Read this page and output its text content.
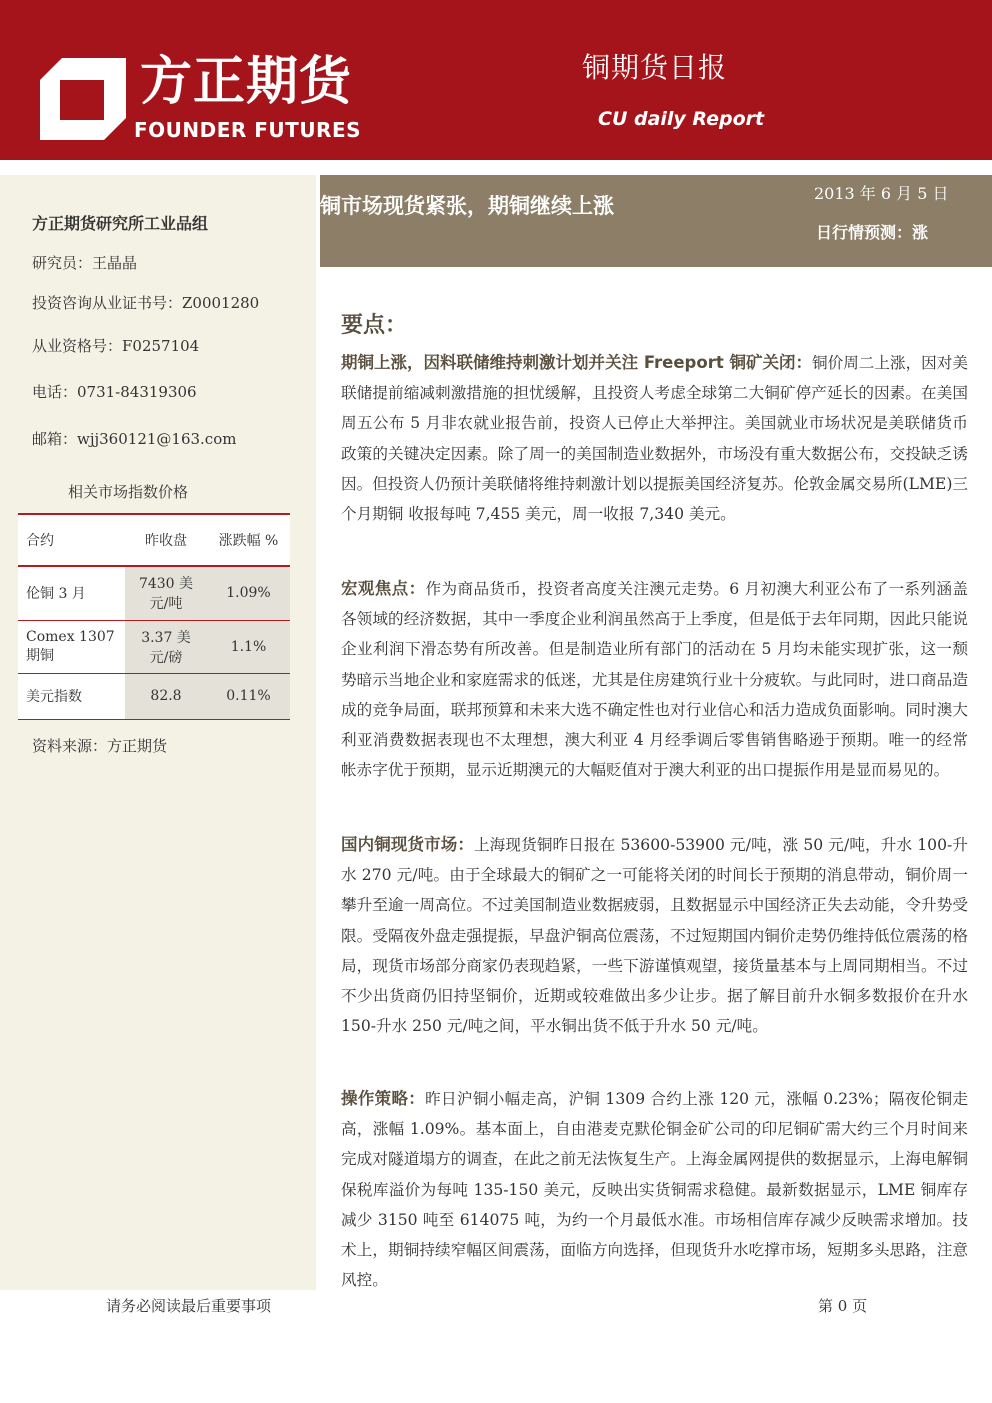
方正期货
FOUNDER FUTURES
铜期货日报
CU daily Report
方正期货研究所工业品组
研究员：王晶晶
投资咨询从业证书号：Z0001280
从业资格号：F0257104
电话：0731-84319306
邮箱：wjj360121@163.com
相关市场指数价格
合约	昨收盘	涨跌幅 %
伦铜 3 月	7430 美元/吨	1.09%
Comex 1307 期铜	3.37 美元/磅	1.1%
美元指数	82.8	0.11%
资料来源：方正期货
铜市场现货紧张，期铜继续上涨
2013 年 6 月 5 日
日行情预测：涨
要点：
期铜上涨，因料联储维持刺激计划并关注 Freeport 铜矿关闭：铜价周二上涨，因对美联储提前缩减刺激措施的担忧缓解，且投资人考虑全球第二大铜矿停产延长的因素。在美国周五公布 5 月非农就业报告前，投资人已停止大举押注。美国就业市场状况是美联储货币政策的关键决定因素。除了周一的美国制造业数据外，市场没有重大数据公布，交投缺乏诱因。但投资人仍预计美联储将维持刺激计划以提振美国经济复苏。伦敦金属交易所(LME)三个月期铜 收报每吨 7,455 美元，周一收报 7,340 美元。
宏观焦点：作为商品货币，投资者高度关注澳元走势。6 月初澳大利亚公布了一系列涵盖各领域的经济数据，其中一季度企业利润虽然高于上季度，但是低于去年同期，因此只能说企业利润下滑态势有所改善。但是制造业所有部门的活动在 5 月均未能实现扩张，这一颓势暗示当地企业和家庭需求的低迷，尤其是住房建筑行业十分疲软。与此同时，进口商品造成的竞争局面，联邦预算和未来大选不确定性也对行业信心和活力造成负面影响。同时澳大利亚消费数据表现也不太理想，澳大利亚 4 月经季调后零售销售略逊于预期。唯一的经常帐赤字优于预期，显示近期澳元的大幅贬值对于澳大利亚的出口提振作用是显而易见的。
国内铜现货市场：上海现货铜昨日报在 53600-53900 元/吨，涨 50 元/吨，升水 100-升水 270 元/吨。由于全球最大的铜矿之一可能将关闭的时间长于预期的消息带动，铜价周一攀升至逾一周高位。不过美国制造业数据疲弱，且数据显示中国经济正失去动能，令升势受限。受隔夜外盘走强提振，早盘沪铜高位震荡，不过短期国内铜价走势仍维持低位震荡的格局，现货市场部分商家仍表现趋紧，一些下游谨慎观望，接货量基本与上周同期相当。不过不少出货商仍旧持坚铜价，近期或较难做出多少让步。据了解目前升水铜多数报价在升水 150-升水 250 元/吨之间，平水铜出货不低于升水 50 元/吨。
操作策略：昨日沪铜小幅走高，沪铜 1309 合约上涨 120 元，涨幅 0.23%；隔夜伦铜走高，涨幅 1.09%。基本面上，自由港麦克默伦铜金矿公司的印尼铜矿需大约三个月时间来完成对隧道塌方的调查，在此之前无法恢复生产。上海金属网提供的数据显示，上海电解铜保税库溢价为每吨 135-150 美元，反映出实货铜需求稳健。最新数据显示，LME 铜库存减少 3150 吨至 614075 吨，为约一个月最低水准。市场相信库存减少反映需求增加。技术上，期铜持续窄幅区间震荡，面临方向选择，但现货升水吃撑市场，短期多头思路，注意风控。
请务必阅读最后重要事项	第 0 页
